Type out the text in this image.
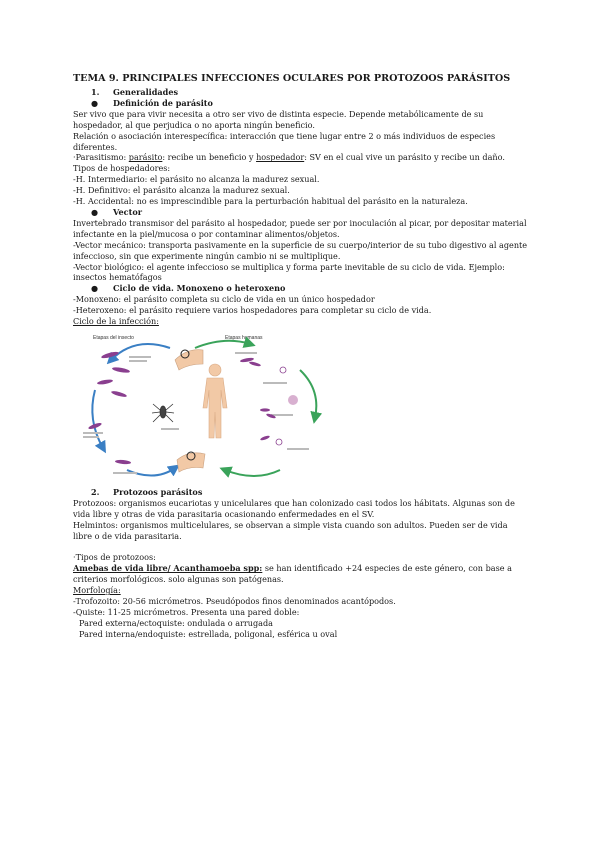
TEMA 9. PRINCIPALES INFECCIONES OCULARES POR PROTOZOOS PARÁSITOS

1. Generalidades

● Definición de parásito

Ser vivo que para vivir necesita a otro ser vivo de distinta especie. Depende metabólicamente de su hospedador, al que perjudica o no aporta ningún beneficio.

Relación o asociación interespecífica: interacción que tiene lugar entre 2 o más individuos de especies diferentes.

·Parasitismo: parásito: recibe un beneficio y hospedador: SV en el cual vive un parásito y recibe un daño.

Tipos de hospedadores:

-H. Intermediario: el parásito no alcanza la madurez sexual.

-H. Definitivo: el parásito alcanza la madurez sexual.

-H. Accidental: no es imprescindible para la perturbación habitual del parásito en la naturaleza.

● Vector

Invertebrado transmisor del parásito al hospedador, puede ser por inoculación al picar, por depositar material infectante en la piel/mucosa o por contaminar alimentos/objetos.

-Vector mecánico: transporta pasivamente en la superficie de su cuerpo/interior de su tubo digestivo al agente infeccioso, sin que experimente ningún cambio ni se multiplique.

-Vector biológico: el agente infeccioso se multiplica y forma parte inevitable de su ciclo de vida. Ejemplo: insectos hematófagos

● Ciclo de vida. Monoxeno o heteroxeno

-Monoxeno: el parásito completa su ciclo de vida en un único hospedador

-Heteroxeno: el parásito requiere varios hospedadores para completar su ciclo de vida.

Ciclo de la infección:

Etapas del insecto	Etapas humanas

2. Protozoos parásitos

Protozoos: organismos eucariotas y unicelulares que han colonizado casi todos los hábitats. Algunas son de vida libre y otras de vida parasitaria ocasionando enfermedades en el SV.

Helmintos: organismos multicelulares, se observan a simple vista cuando son adultos. Pueden ser de vida libre o de vida parasitaria.

·Tipos de protozoos:

Amebas de vida libre/ Acanthamoeba spp: se han identificado +24 especies de este género, con base a criterios morfológicos. solo algunas son patógenas.

Morfología:

-Trofozoito: 20-56 micrómetros. Pseudópodos finos denominados acantópodos.

-Quiste: 11-25 micrómetros. Presenta una pared doble:

Pared externa/ectoquiste: ondulada o arrugada

Pared interna/endoquiste: estrellada, poligonal, esférica u oval
